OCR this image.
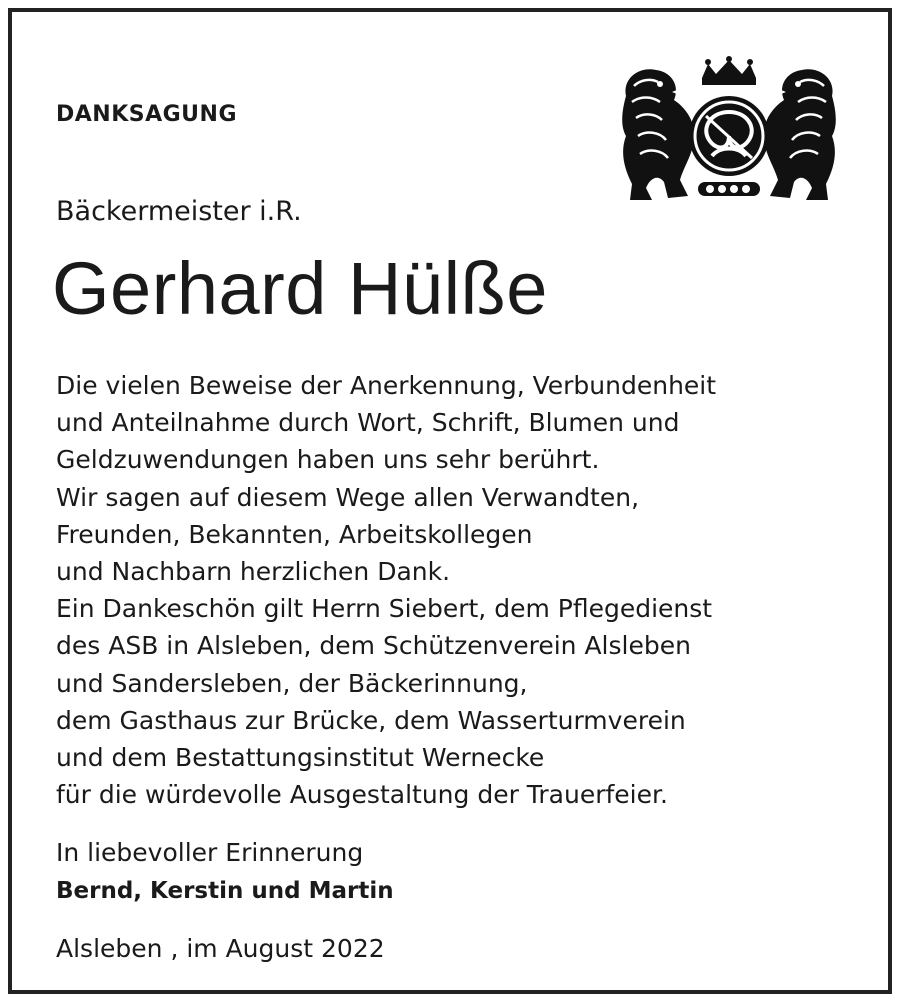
DANKSAGUNG
Bäckermeister i.R.
Gerhard Hülße
Die vielen Beweise der Anerkennung, Verbundenheit
und Anteilnahme durch Wort, Schrift, Blumen und
Geldzuwendungen haben uns sehr berührt.
Wir sagen auf diesem Wege allen Verwandten,
Freunden, Bekannten, Arbeitskollegen
und Nachbarn herzlichen Dank.
Ein Dankeschön gilt Herrn Siebert, dem Pflegedienst
des ASB in Alsleben, dem Schützenverein Alsleben
und Sandersleben, der Bäckerinnung,
dem Gasthaus zur Brücke, dem Wasserturmverein
und dem Bestattungsinstitut Wernecke
für die würdevolle Ausgestaltung der Trauerfeier.
In liebevoller Erinnerung
Bernd, Kerstin und Martin
Alsleben , im August 2022
